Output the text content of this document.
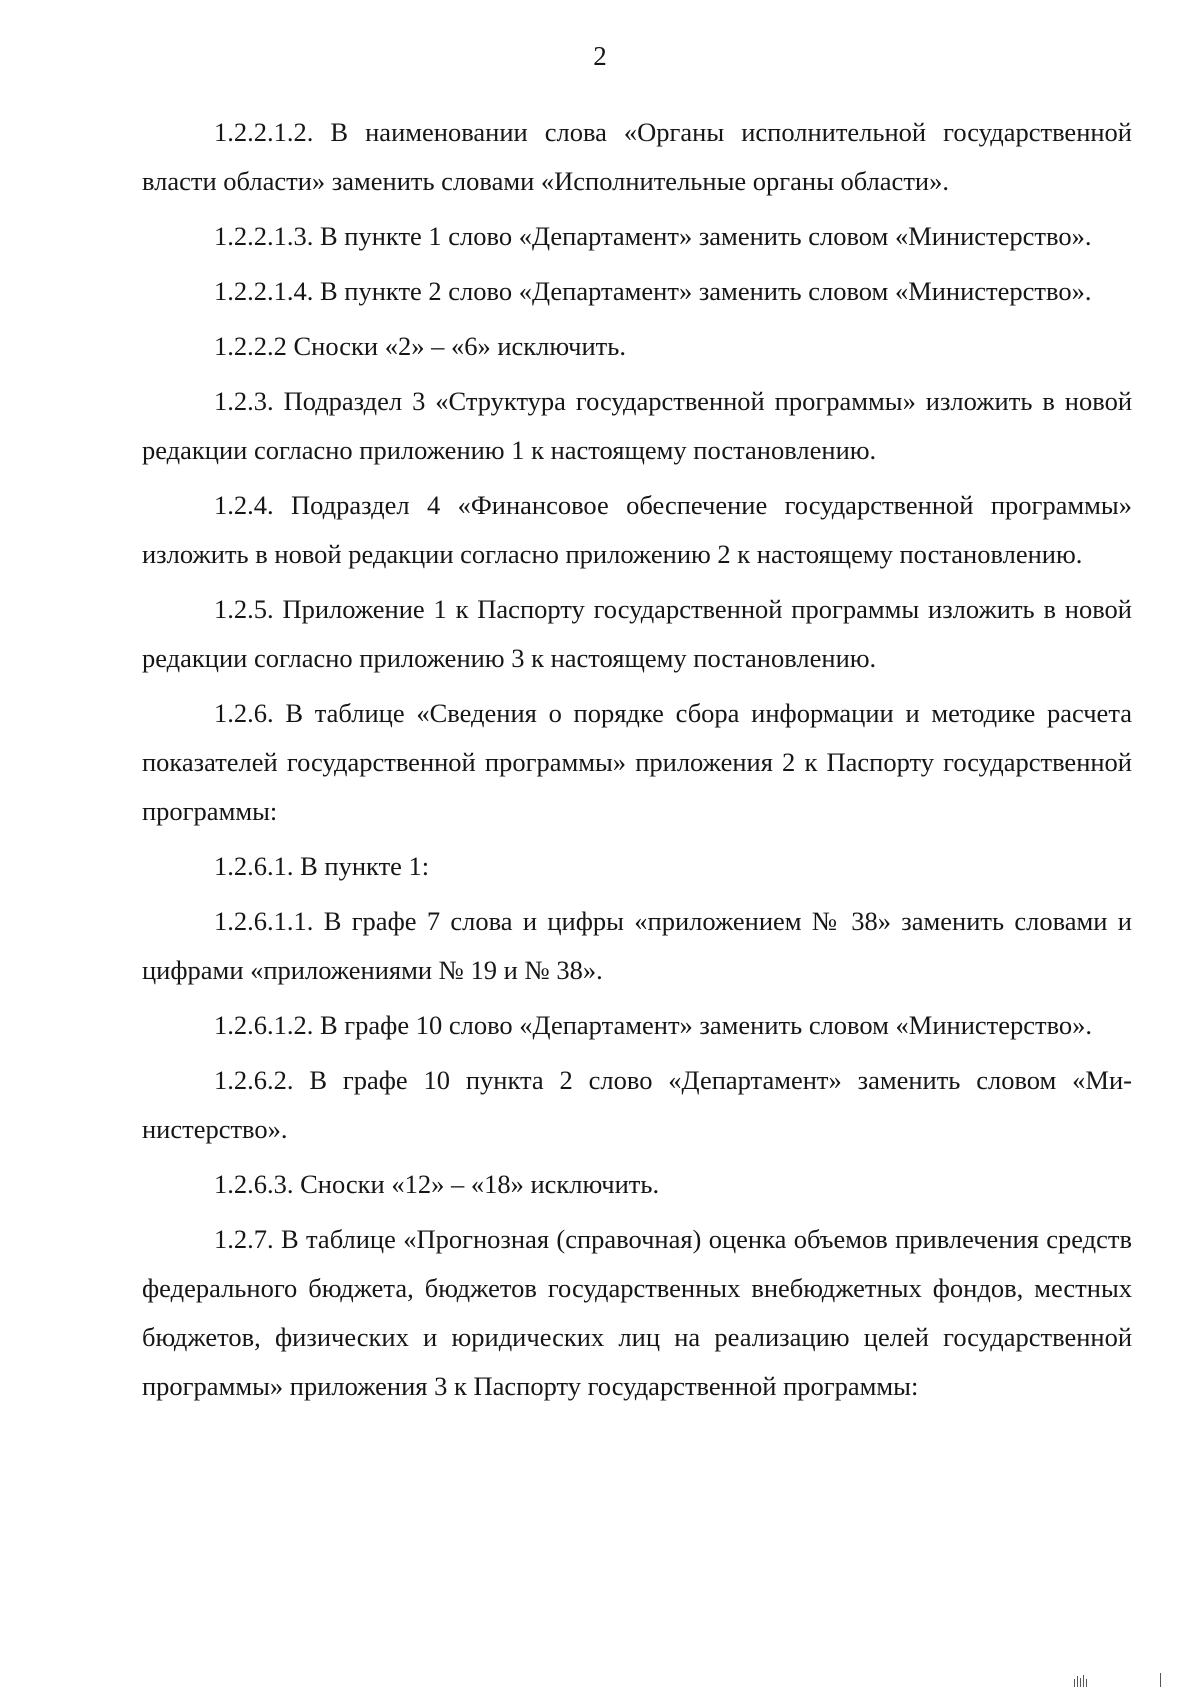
2

1.2.2.1.2. В наименовании слова «Органы исполнительной государственной власти области» заменить словами «Исполнительные органы области».

1.2.2.1.3. В пункте 1 слово «Департамент» заменить словом «Министерство».

1.2.2.1.4. В пункте 2 слово «Департамент» заменить словом «Министерство».

1.2.2.2 Сноски «2» – «6» исключить.

1.2.3. Подраздел 3 «Структура государственной программы» изложить в новой редакции согласно приложению 1 к настоящему постановлению.

1.2.4. Подраздел 4 «Финансовое обеспечение государственной программы» изложить в новой редакции согласно приложению 2 к настоящему постановлению.

1.2.5. Приложение 1 к Паспорту государственной программы изложить в новой редакции согласно приложению 3 к настоящему постановлению.

1.2.6. В таблице «Сведения о порядке сбора информации и методике расчета показателей государственной программы» приложения 2 к Паспорту государственной программы:

1.2.6.1. В пункте 1:

1.2.6.1.1. В графе 7 слова и цифры «приложением № 38» заменить словами и цифрами «приложениями № 19 и № 38».

1.2.6.1.2. В графе 10 слово «Департамент» заменить словом «Министерство».

1.2.6.2. В графе 10 пункта 2 слово «Департамент» заменить словом «Министерство».

1.2.6.3. Сноски «12» – «18» исключить.

1.2.7. В таблице «Прогнозная (справочная) оценка объемов привлечения средств федерального бюджета, бюджетов государственных внебюджетных фондов, местных бюджетов, физических и юридических лиц на реализацию целей государственной программы» приложения 3 к Паспорту государственной программы:
